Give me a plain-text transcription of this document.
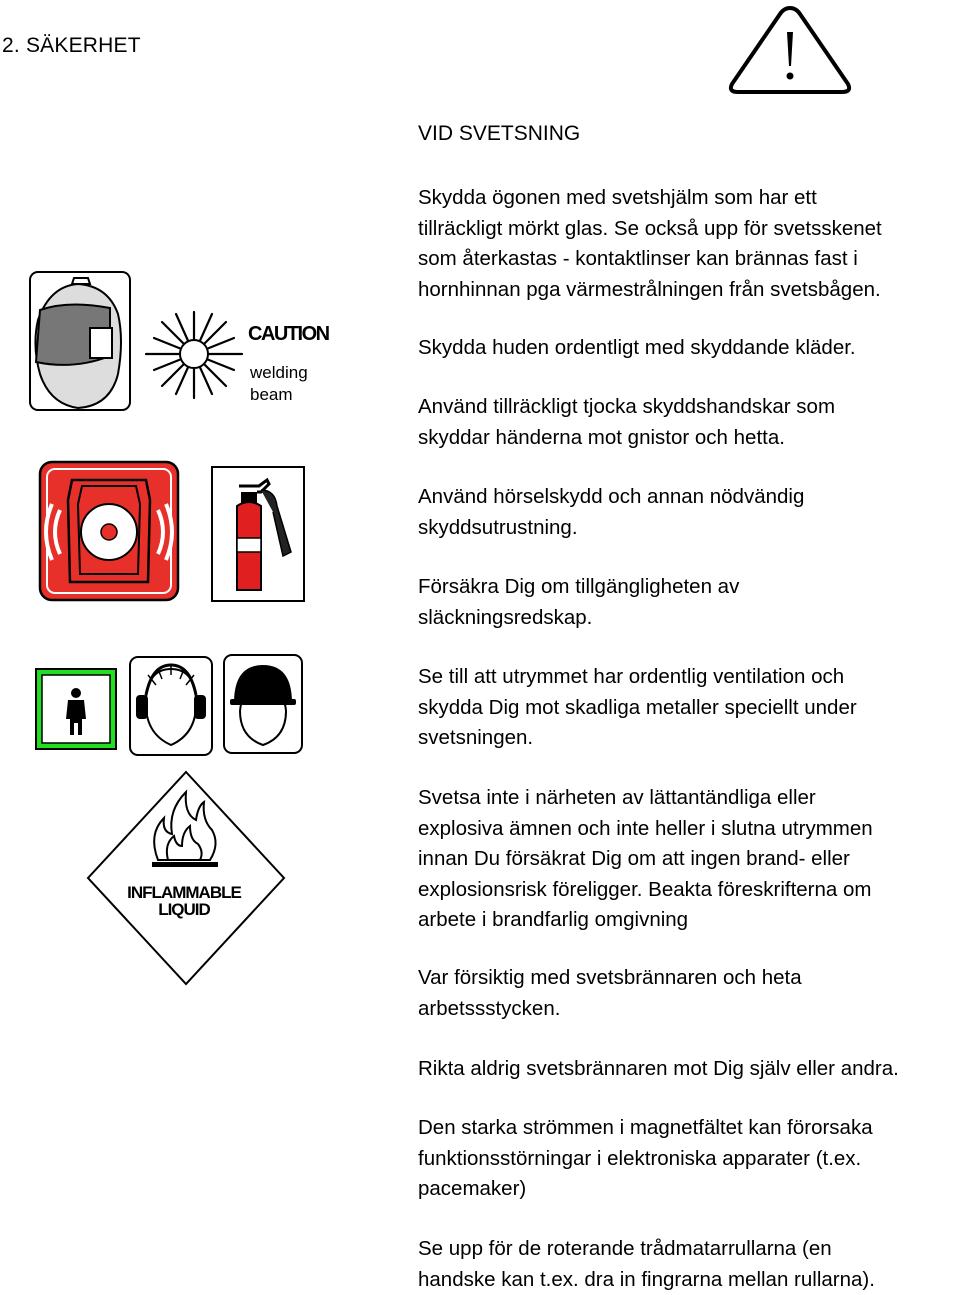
2. SÄKERHET
VID SVETSNING
Skydda ögonen med svetshjälm som har ett
tillräckligt mörkt glas. Se också upp för svetsskenet
som återkastas - kontaktlinser kan brännas fast i
hornhinnan pga värmestrålningen från svetsbågen.
Skydda huden ordentligt med skyddande kläder.
Använd tillräckligt tjocka skyddshandskar som
skyddar händerna mot gnistor och hetta.
Använd hörselskydd och annan nödvändig
skyddsutrustning.
Försäkra Dig om tillgängligheten av
släckningsredskap.
Se till att utrymmet har ordentlig ventilation och
skydda Dig mot skadliga metaller speciellt under
svetsningen.
Svetsa inte i närheten av lättantändliga eller
explosiva ämnen och inte heller i slutna utrymmen
innan Du försäkrat Dig om att ingen brand- eller
explosionsrisk föreligger. Beakta föreskrifterna om
arbete i brandfarlig omgivning
Var försiktig med svetsbrännaren och heta
arbetssstycken.
Rikta aldrig svetsbrännaren mot Dig själv eller andra.
Den starka strömmen i magnetfältet kan förorsaka
funktionsstörningar i elektroniska apparater (t.ex.
pacemaker)
Se upp för de roterande trådmatarrullarna (en
handske kan t.ex. dra in fingrarna mellan rullarna).
CAUTION
welding
beam
INFLAMMABLE
LIQUID
